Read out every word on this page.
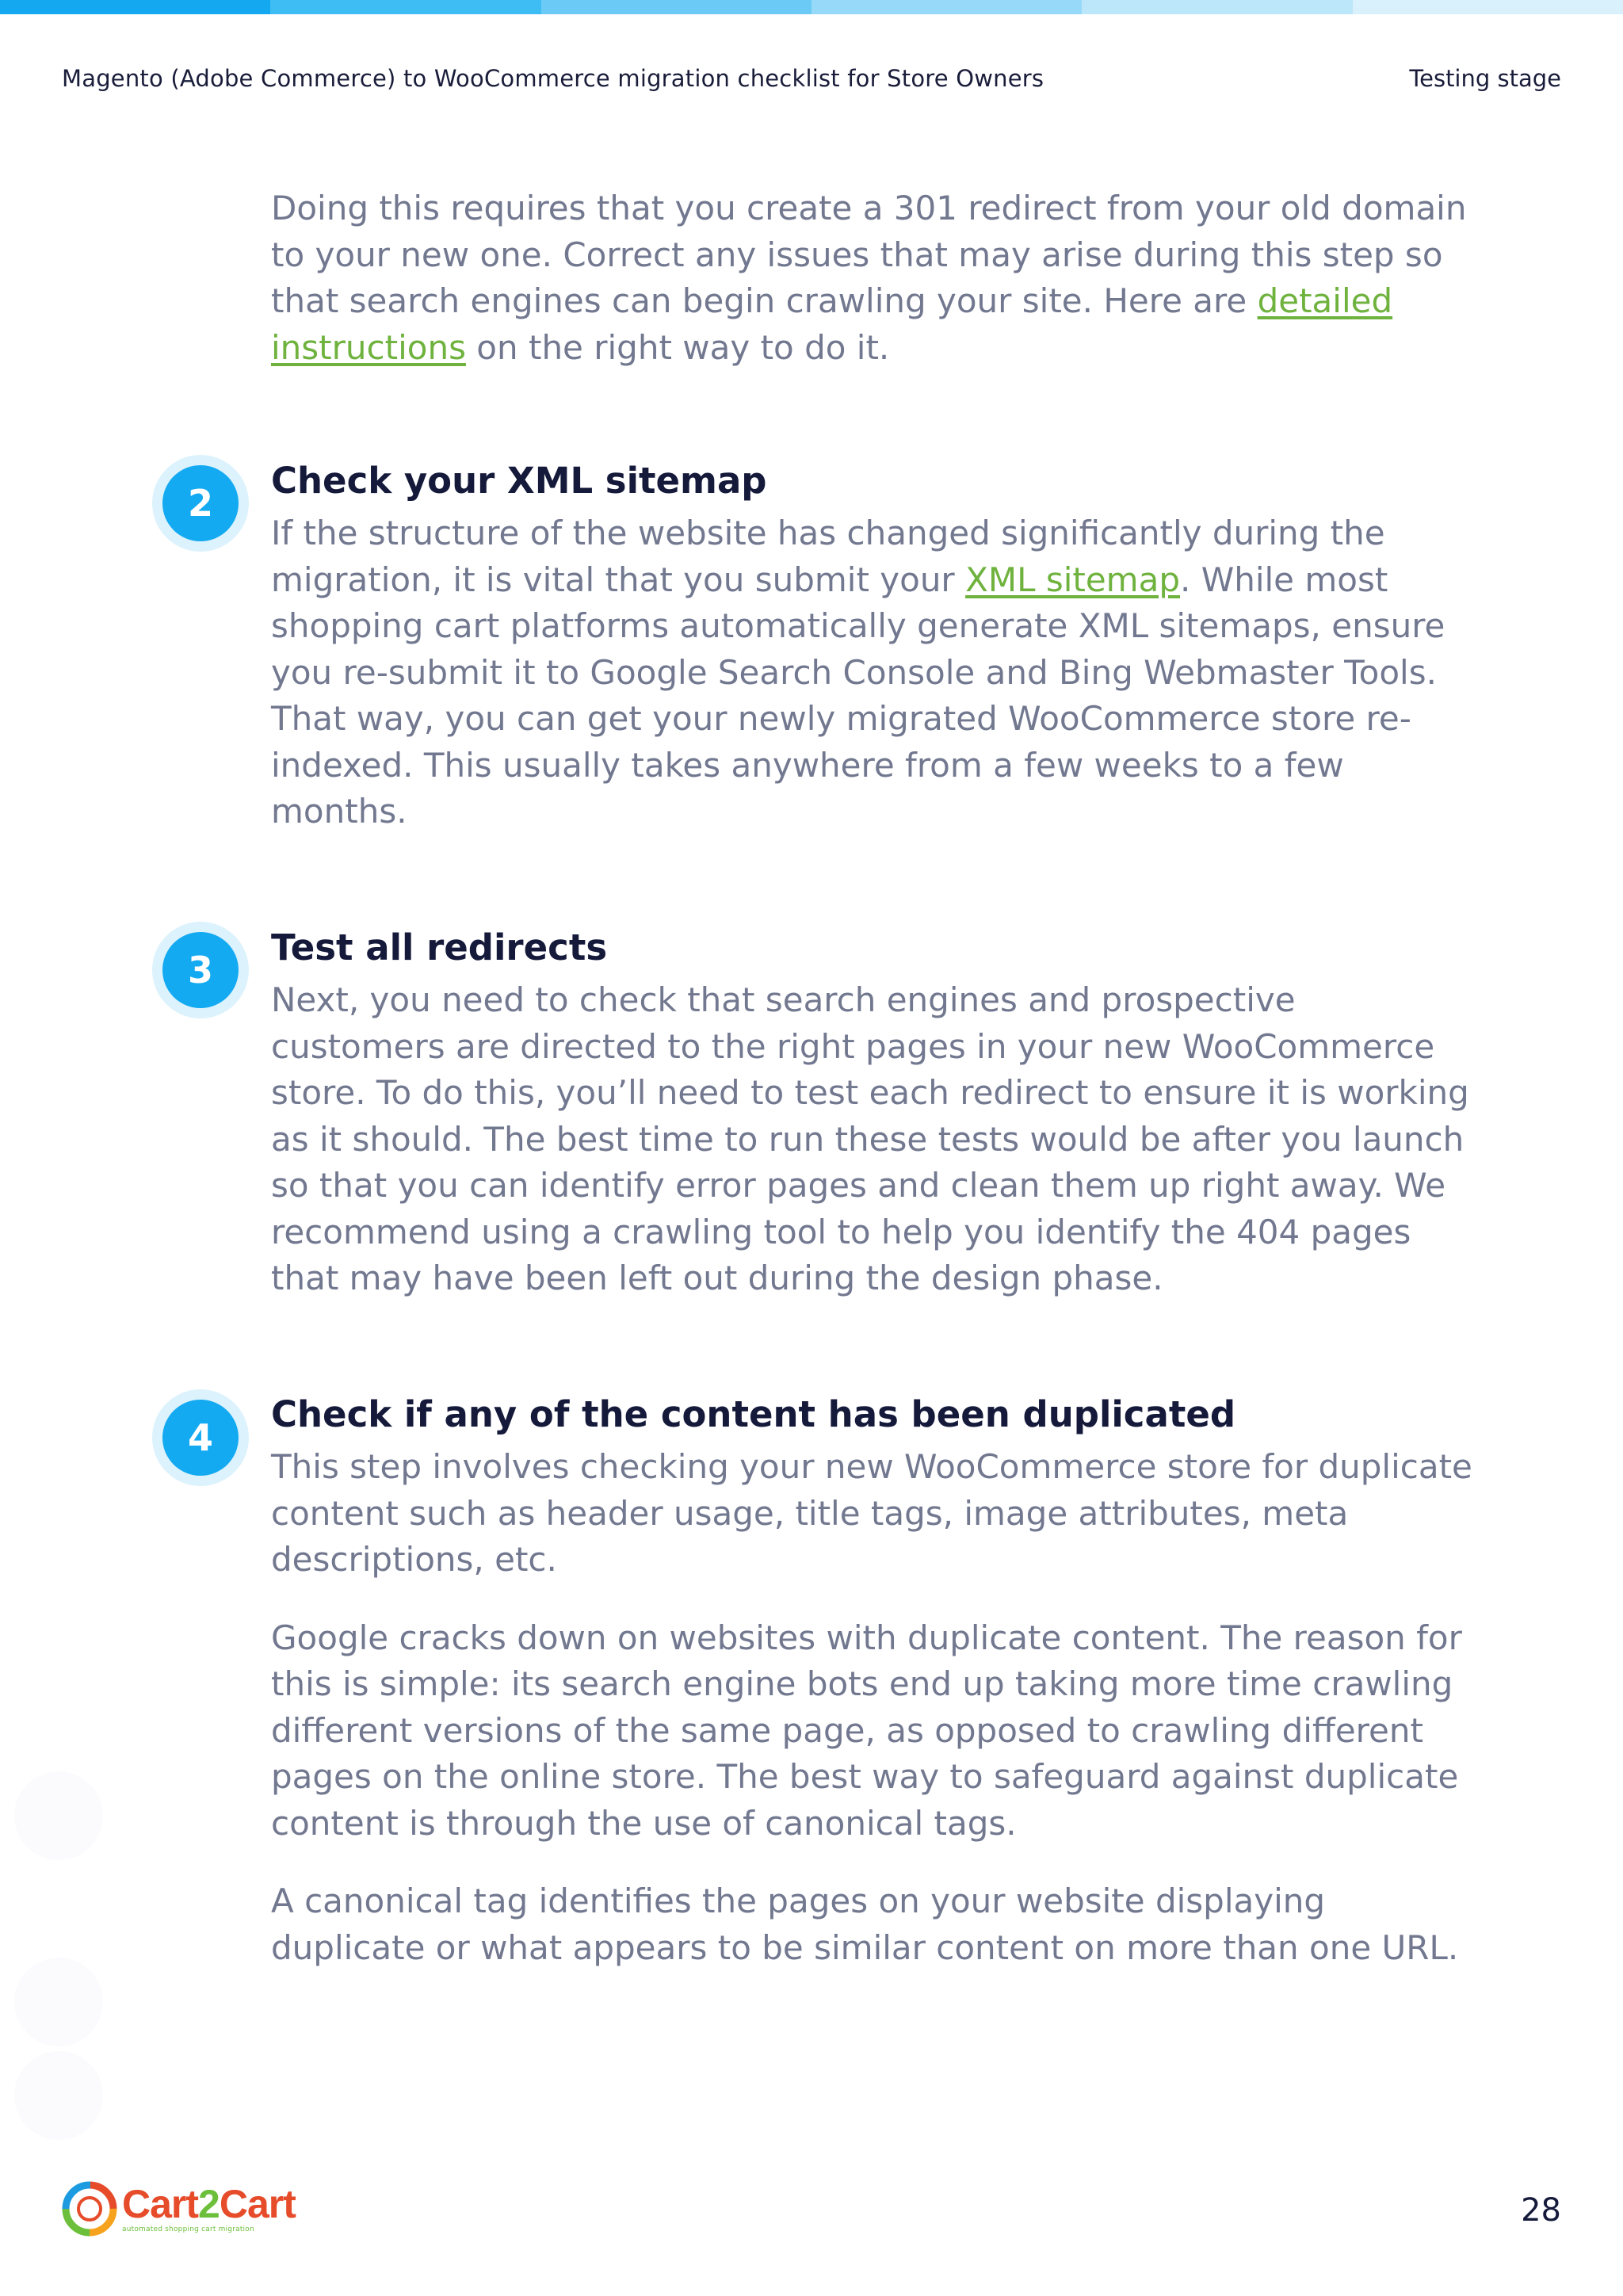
Magento (Adobe Commerce) to WooCommerce migration checklist for Store Owners	Testing stage

Doing this requires that you create a 301 redirect from your old domain to your new one. Correct any issues that may arise during this step so that search engines can begin crawling your site. Here are detailed instructions on the right way to do it.

2
Check your XML sitemap

If the structure of the website has changed significantly during the migration, it is vital that you submit your XML sitemap. While most shopping cart platforms automatically generate XML sitemaps, ensure you re-submit it to Google Search Console and Bing Webmaster Tools. That way, you can get your newly migrated WooCommerce store re-indexed. This usually takes anywhere from a few weeks to a few months.

3
Test all redirects

Next, you need to check that search engines and prospective customers are directed to the right pages in your new WooCommerce store. To do this, you’ll need to test each redirect to ensure it is working as it should. The best time to run these tests would be after you launch so that you can identify error pages and clean them up right away. We recommend using a crawling tool to help you identify the 404 pages that may have been left out during the design phase.

4
Check if any of the content has been duplicated

This step involves checking your new WooCommerce store for duplicate content such as header usage, title tags, image attributes, meta descriptions, etc.

Google cracks down on websites with duplicate content. The reason for this is simple: its search engine bots end up taking more time crawling different versions of the same page, as opposed to crawling different pages on the online store. The best way to safeguard against duplicate content is through the use of canonical tags.

A canonical tag identifies the pages on your website displaying duplicate or what appears to be similar content on more than one URL.

Cart2Cart
automated shopping cart migration
28
